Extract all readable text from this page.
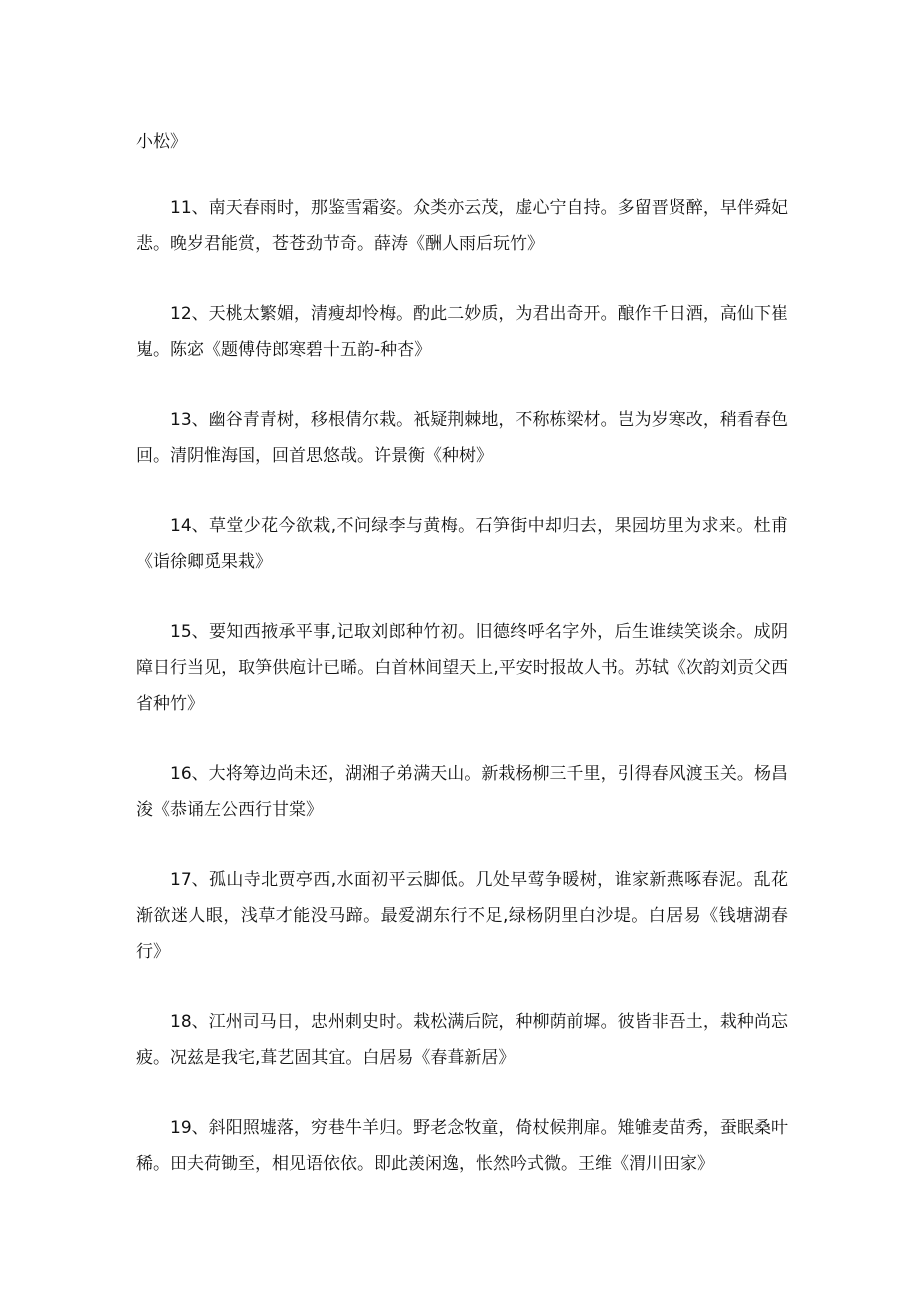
小松》

11、南天春雨时，那鉴雪霜姿。众类亦云茂，虚心宁自持。多留晋贤醉，早伴舜妃悲。晚岁君能赏，苍苍劲节奇。薛涛《酬人雨后玩竹》

12、天桃太繁媚，清瘦却怜梅。酌此二妙质，为君出奇开。酿作千日酒，高仙下崔嵬。陈宓《题傅侍郎寒碧十五韵-种杏》

13、幽谷青青树，移根倩尔栽。衹疑荆棘地，不称栋梁材。岂为岁寒改，稍看春色回。清阴惟海国，回首思悠哉。许景衡《种树》

14、草堂少花今欲栽,不问绿李与黄梅。石笋街中却归去，果园坊里为求来。杜甫《诣徐卿觅果栽》

15、要知西掖承平事,记取刘郎种竹初。旧德终呼名字外，后生谁续笑谈余。成阴障日行当见，取笋供庖计已晞。白首林间望天上,平安时报故人书。苏轼《次韵刘贡父西省种竹》

16、大将筹边尚未还，湖湘子弟满天山。新栽杨柳三千里，引得春风渡玉关。杨昌浚《恭诵左公西行甘棠》

17、孤山寺北贾亭西,水面初平云脚低。几处早莺争暖树，谁家新燕啄春泥。乱花渐欲迷人眼，浅草才能没马蹄。最爱湖东行不足,绿杨阴里白沙堤。白居易《钱塘湖春行》

18、江州司马日，忠州刺史时。栽松满后院，种柳荫前墀。彼皆非吾土，栽种尚忘疲。况兹是我宅,葺艺固其宜。白居易《春葺新居》

19、斜阳照墟落，穷巷牛羊归。野老念牧童，倚杖候荆扉。雉雊麦苗秀，蚕眠桑叶稀。田夫荷锄至，相见语依依。即此羡闲逸，怅然吟式微。王维《渭川田家》
